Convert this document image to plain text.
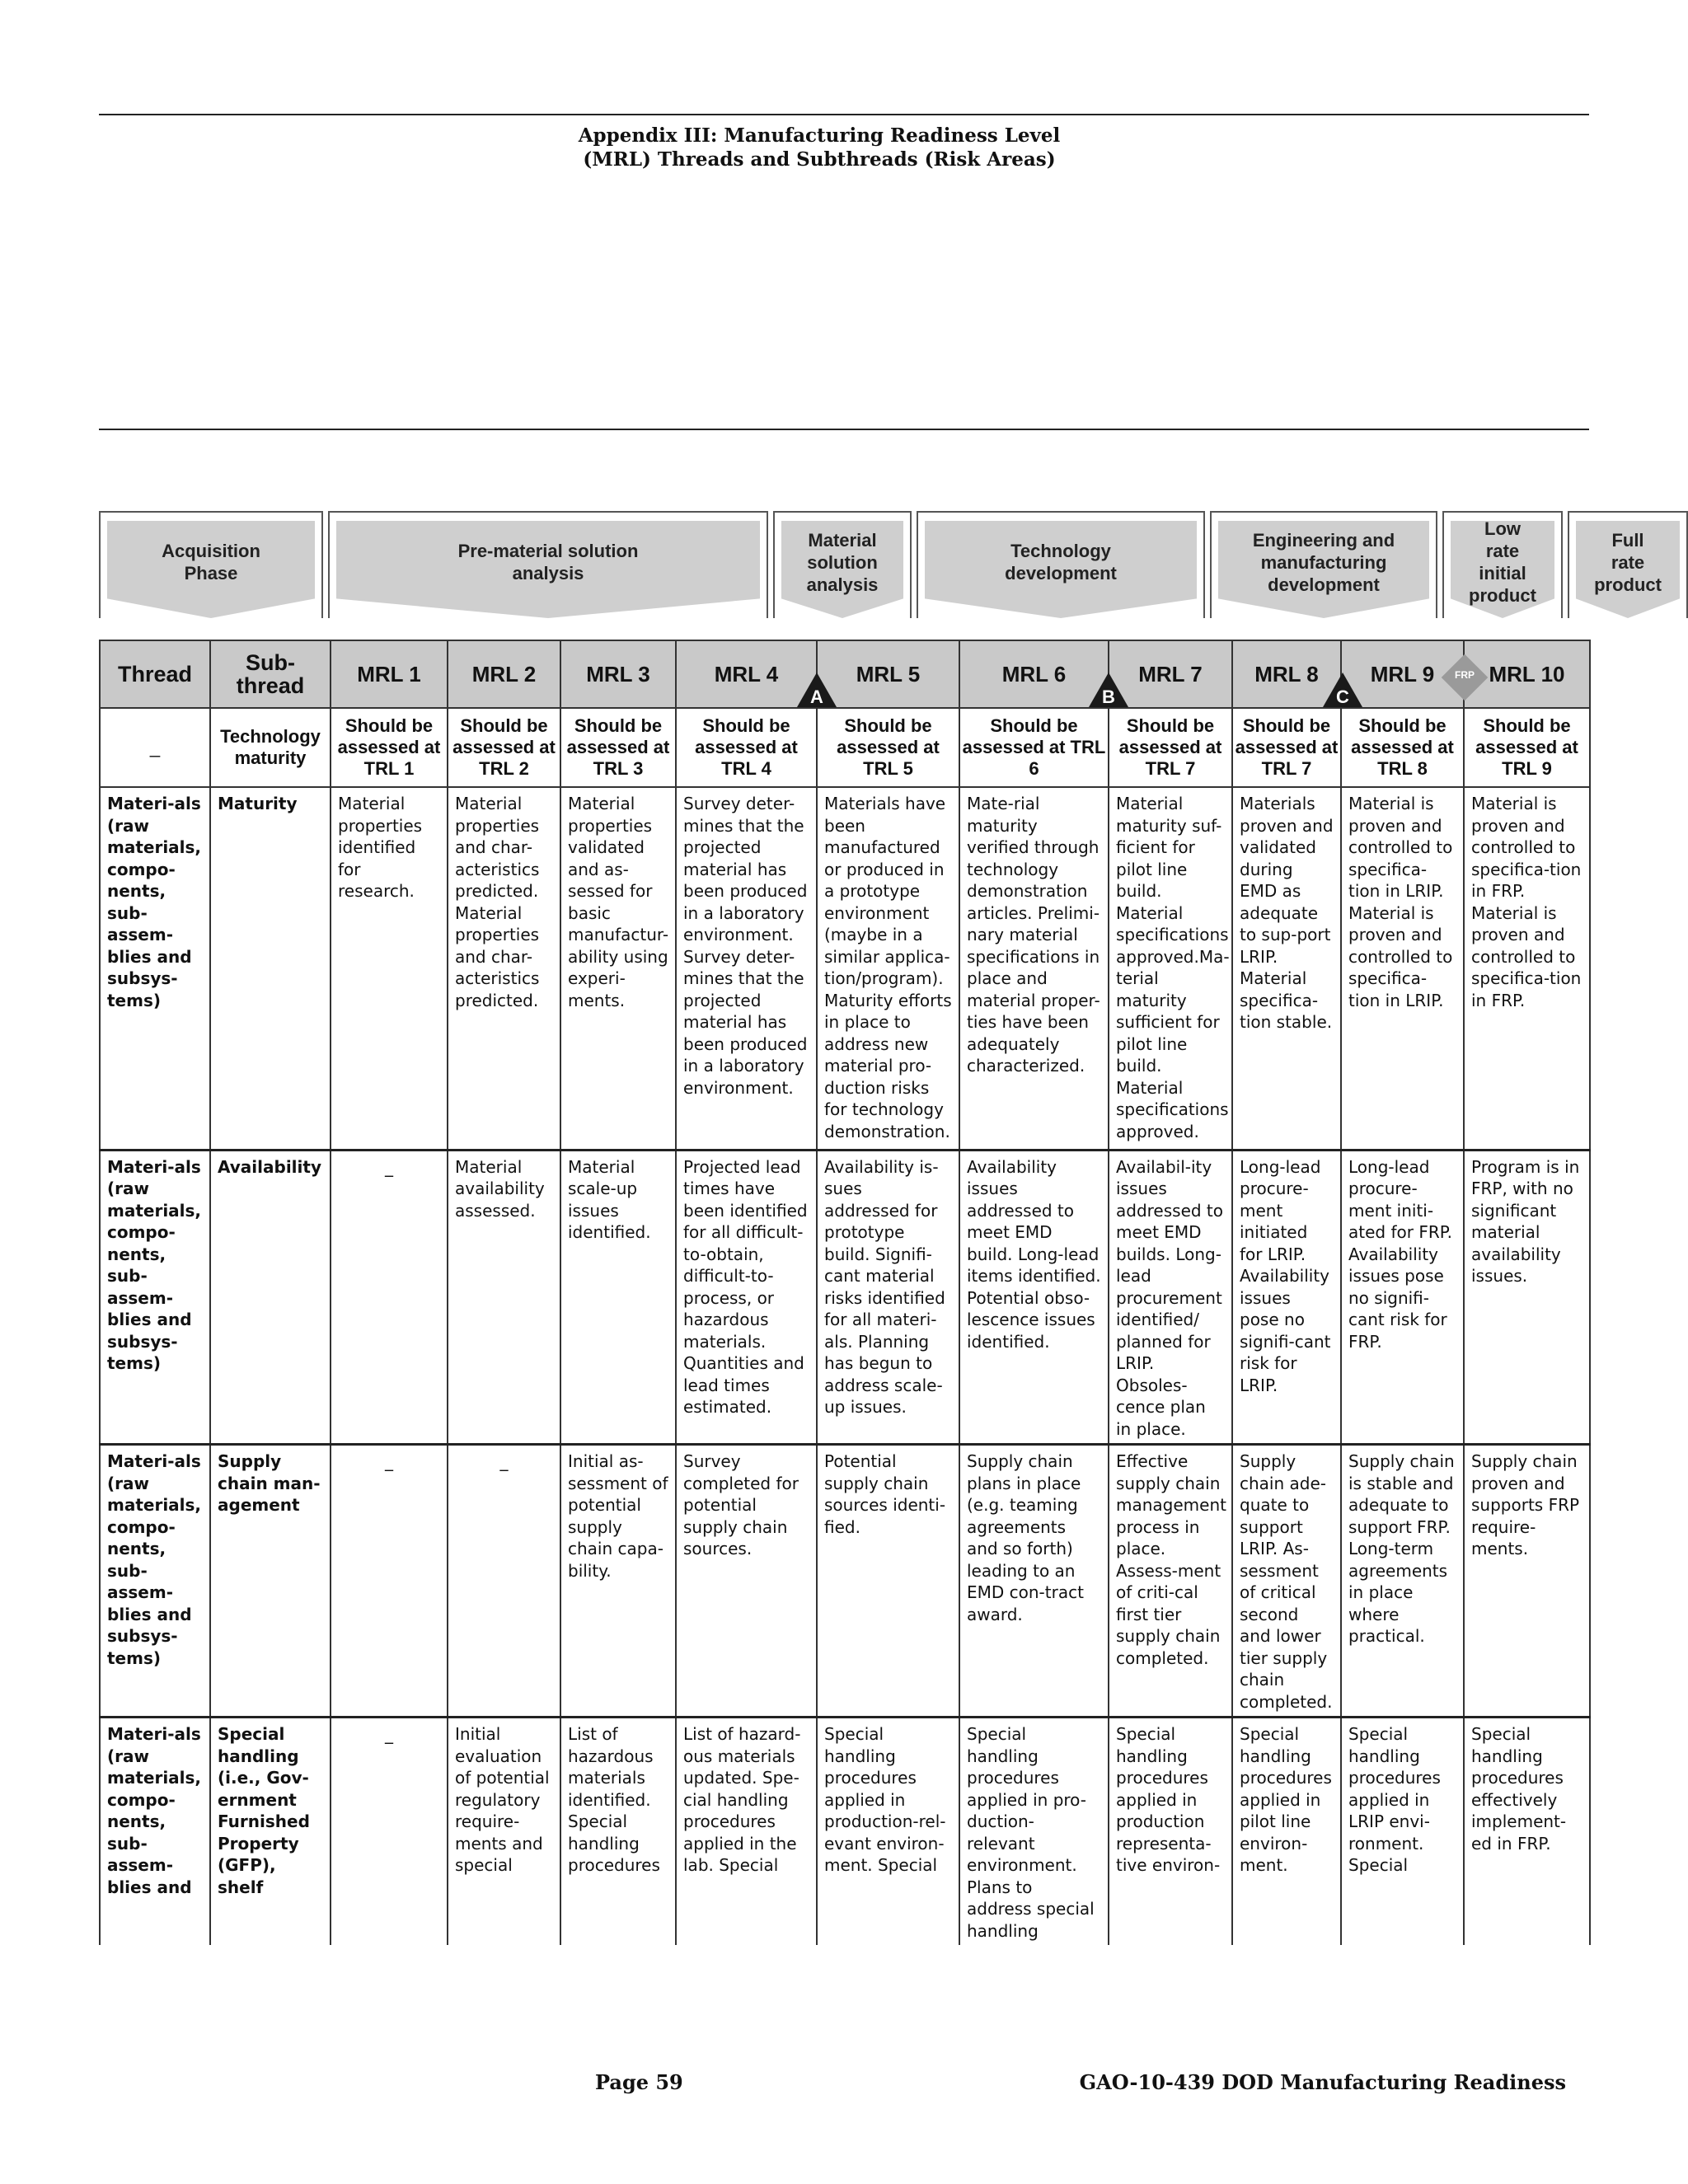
Appendix III: Manufacturing Readiness Level
(MRL) Threads and Subthreads (Risk Areas)
Acquisition Phase
Pre-material solution analysis
Material solution analysis
Technology development
Engineering and manufacturing development
Low rate initial product
Full rate product
Thread	Sub-thread	MRL 1	MRL 2	MRL 3	MRL 4	MRL 5	MRL 6	MRL 7	MRL 8	MRL 9	MRL 10
_	Technology maturity	Should be assessed at TRL 1	Should be assessed at TRL 2	Should be assessed at TRL 3	Should be assessed at TRL 4	Should be assessed at TRL 5	Should be assessed at TRL 6	Should be assessed at TRL 7	Should be assessed at TRL 7	Should be assessed at TRL 8	Should be assessed at TRL 9
Materi-als (raw materials, compo-nents, sub-assem-blies and subsys-tems)	Maturity	Material properties identified for research.	Material properties and char-acteristics predicted. Material properties and char-acteristics predicted.	Material properties validated and as-sessed for basic manufactur-ability using experi-ments.	Survey deter-mines that the projected material has been produced in a laboratory environment. Survey deter-mines that the projected material has been produced in a laboratory environment.	Materials have been manufactured or produced in a prototype environment (maybe in a similar applica-tion/program). Maturity efforts in place to address new material pro-duction risks for technology demonstration.	Mate-rial maturity verified through technology demonstration articles. Prelimi-nary material specifications in place and material proper-ties have been adequately characterized.	Material maturity suf-ficient for pilot line build. Material specifications approved.Ma-terial maturity sufficient for pilot line build. Material specifications approved.	Materials proven and validated during EMD as adequate to sup-port LRIP. Material specifica-tion stable.	Material is proven and controlled to specifica-tion in LRIP. Material is proven and controlled to specifica-tion in LRIP.	Material is proven and controlled to specifica-tion in FRP. Material is proven and controlled to specifica-tion in FRP.
Materi-als (raw materials, compo-nents, sub-assem-blies and subsys-tems)	Availability	_	Material availability assessed.	Material scale-up issues identified.	Projected lead times have been identified for all difficult-to-obtain, difficult-to-process, or hazardous materials. Quantities and lead times estimated.	Availability is-sues addressed for prototype build. Signifi-cant material risks identified for all materi-als. Planning has begun to address scale-up issues.	Availability issues addressed to meet EMD build. Long-lead items identified. Potential obso-lescence issues identified.	Availabil-ity issues addressed to meet EMD builds. Long-lead procurement identified/ planned for LRIP. Obsoles-cence plan in place.	Long-lead procure-ment initiated for LRIP. Availability issues pose no signifi-cant risk for LRIP.	Long-lead procure-ment initi-ated for FRP. Availability issues pose no signifi-cant risk for FRP.	Program is in FRP, with no significant material availability issues.
Materi-als (raw materials, compo-nents, sub-assem-blies and subsys-tems)	Supply chain man-agement	_	_	Initial as-sessment of potential supply chain capa-bility.	Survey completed for potential supply chain sources.	Potential supply chain sources identi-fied.	Supply chain plans in place (e.g. teaming agreements and so forth) leading to an EMD con-tract award.	Effective supply chain management process in place. Assess-ment of criti-cal first tier supply chain completed.	Supply chain ade-quate to support LRIP. As-sessment of critical second and lower tier supply chain completed.	Supply chain is stable and adequate to support FRP. Long-term agreements in place where practical.	Supply chain proven and supports FRP require-ments.
Materi-als (raw materials, compo-nents, sub-assem-blies and	Special handling (i.e., Gov-ernment Furnished Property (GFP), shelf	_	Initial evaluation of potential regulatory require-ments and special	List of hazardous materials identified. Special handling procedures	List of hazard-ous materials updated. Spe-cial handling procedures applied in the lab. Special	Special handling procedures applied in production-rel-evant environ-ment. Special	Special handling procedures applied in pro-duction-relevant environment. Plans to address special handling	Special handling procedures applied in production representa-tive environ-	Special handling procedures applied in pilot line environ-ment.	Special handling procedures applied in LRIP envi-ronment. Special	Special handling procedures effectively implement-ed in FRP.
A	B	C
FRP
Page 59	GAO-10-439 DOD Manufacturing Readiness
